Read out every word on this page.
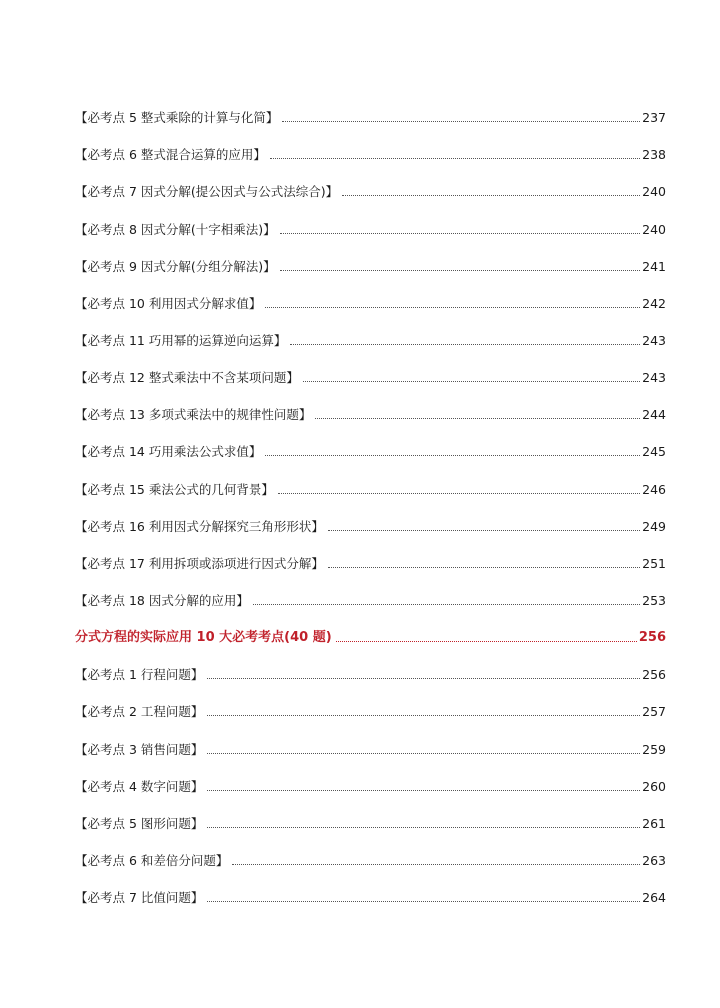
【必考点 5 整式乘除的计算与化简】	237
【必考点 6 整式混合运算的应用】	238
【必考点 7 因式分解(提公因式与公式法综合)】	240
【必考点 8 因式分解(十字相乘法)】	240
【必考点 9 因式分解(分组分解法)】	241
【必考点 10 利用因式分解求值】	242
【必考点 11 巧用幂的运算逆向运算】	243
【必考点 12 整式乘法中不含某项问题】	243
【必考点 13 多项式乘法中的规律性问题】	244
【必考点 14 巧用乘法公式求值】	245
【必考点 15 乘法公式的几何背景】	246
【必考点 16 利用因式分解探究三角形形状】	249
【必考点 17 利用拆项或添项进行因式分解】	251
【必考点 18 因式分解的应用】	253
分式方程的实际应用 10 大必考考点(40 题)	256
【必考点 1 行程问题】	256
【必考点 2 工程问题】	257
【必考点 3 销售问题】	259
【必考点 4 数字问题】	260
【必考点 5 图形问题】	261
【必考点 6 和差倍分问题】	263
【必考点 7 比值问题】	264
